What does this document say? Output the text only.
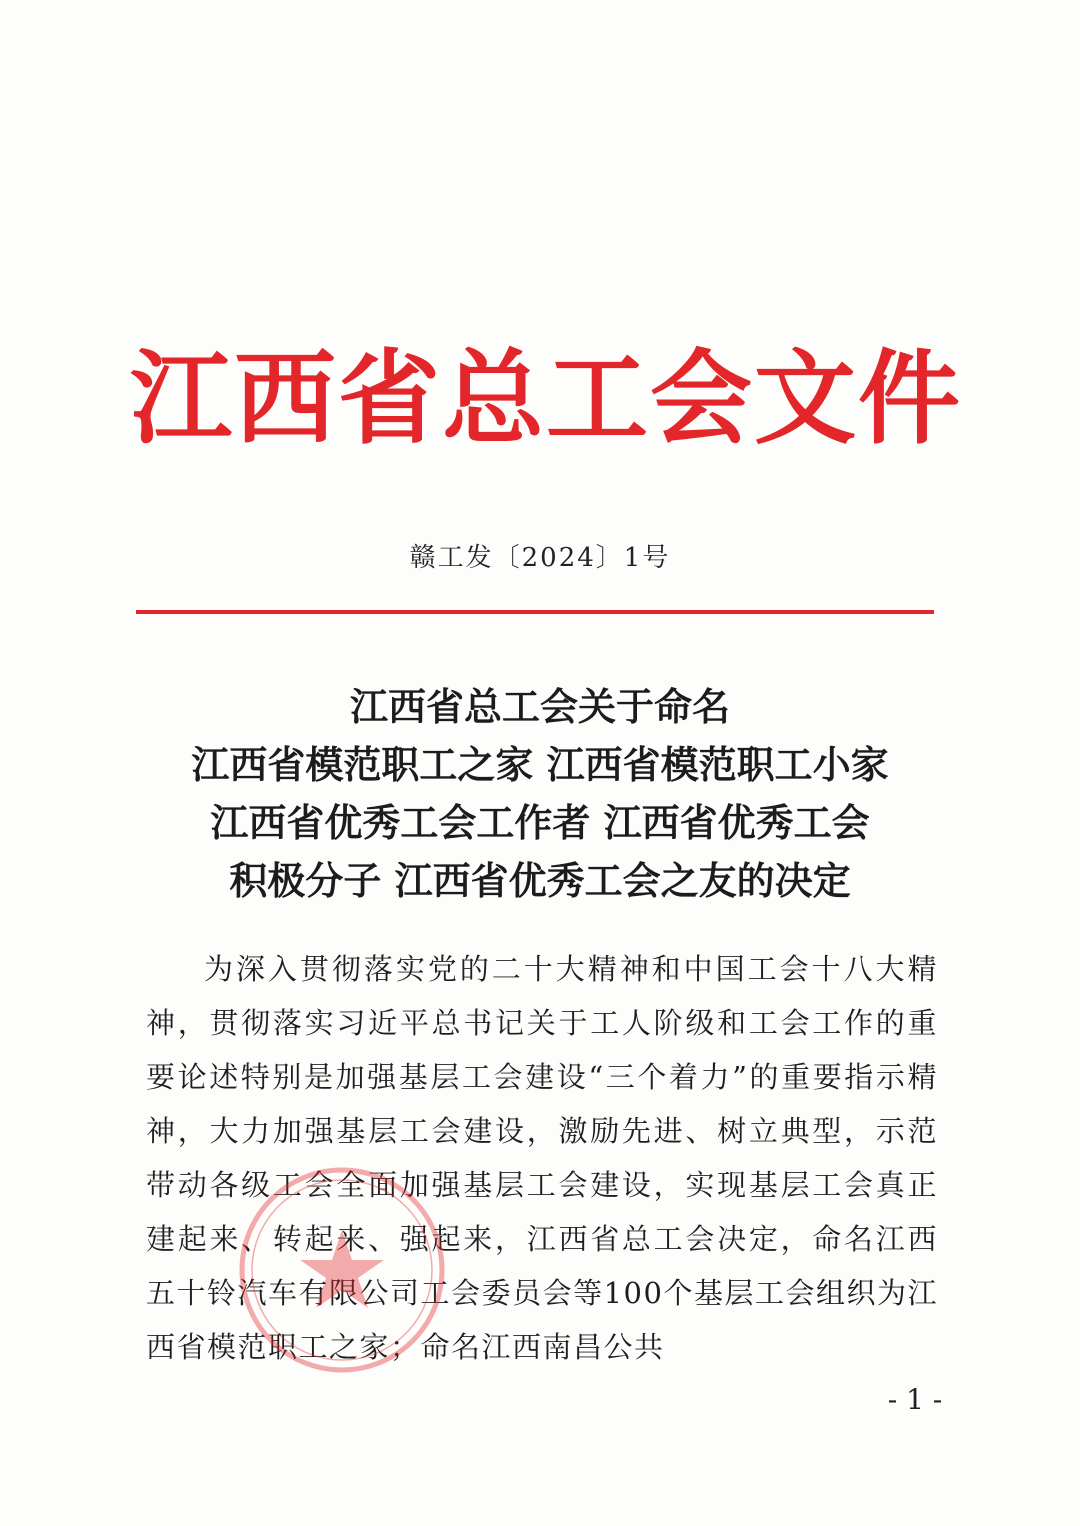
江西省总工会文件
赣工发〔2024〕1号
江西省总工会关于命名
江西省模范职工之家 江西省模范职工小家
江西省优秀工会工作者 江西省优秀工会
积极分子 江西省优秀工会之友的决定

为深入贯彻落实党的二十大精神和中国工会十八大精神，贯彻落实习近平总书记关于工人阶级和工会工作的重要论述特别是加强基层工会建设“三个着力”的重要指示精神，大力加强基层工会建设，激励先进、树立典型，示范带动各级工会全面加强基层工会建设，实现基层工会真正建起来、转起来、强起来，江西省总工会决定，命名江西五十铃汽车有限公司工会委员会等100个基层工会组织为江西省模范职工之家；命名江西南昌公共

- 1 -
